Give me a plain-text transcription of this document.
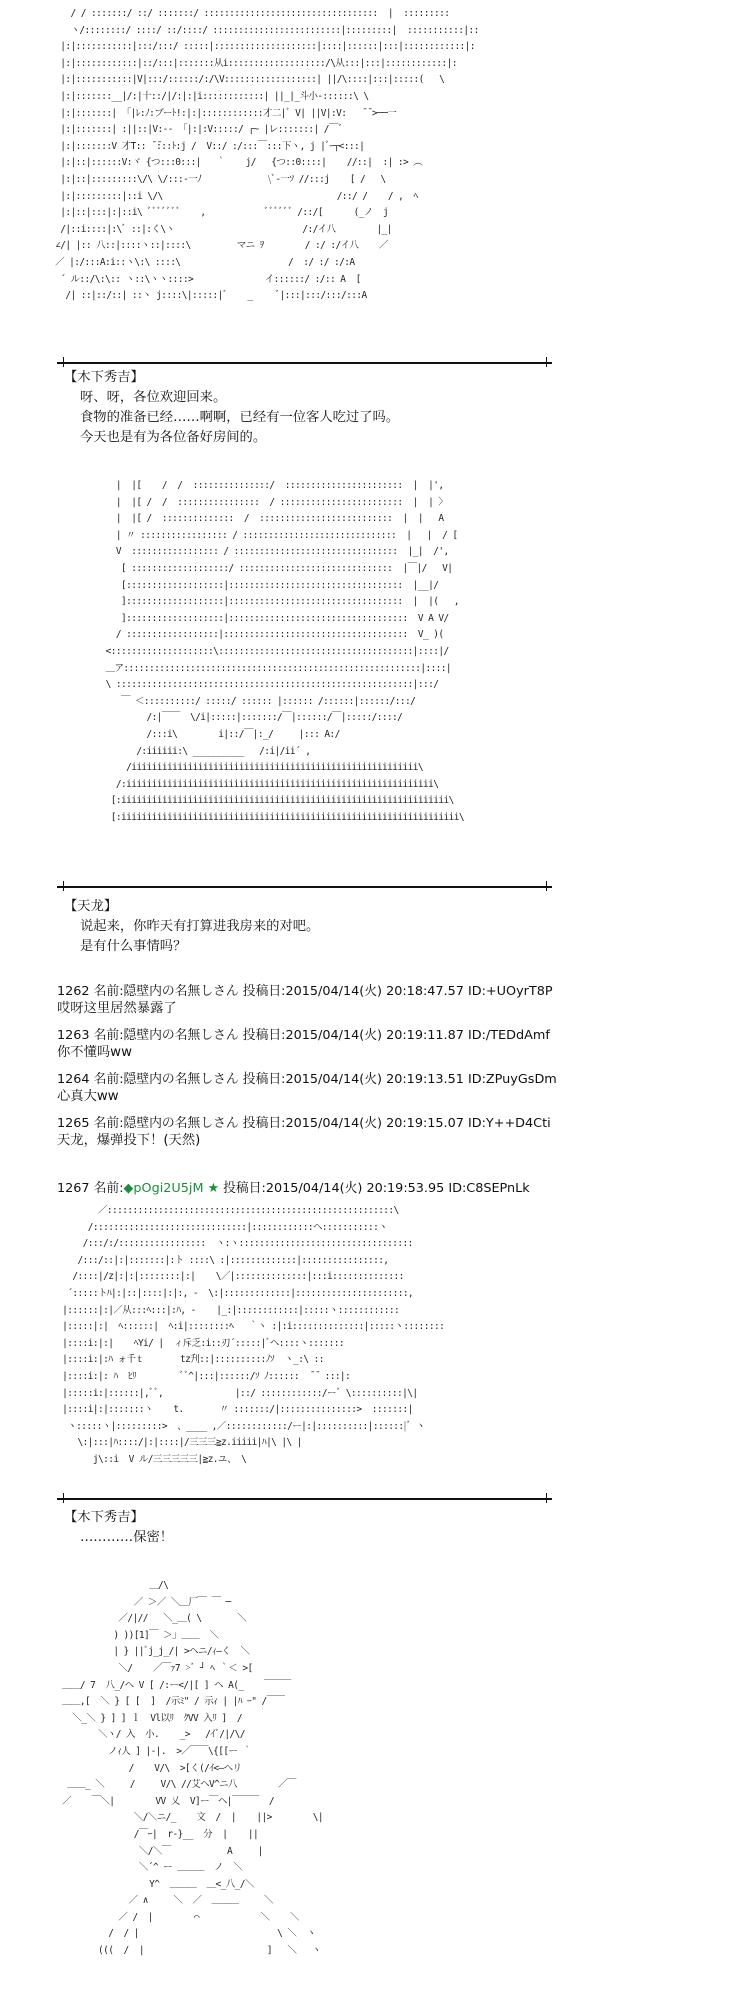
/ / :::::::/ ::/ :::::::/ ::::::::::::::::::::::::::::::::::  |  :::::::::
ヽ/::::::::/ ::::/ ::/::::/ :::::::::::::::::::::::::|:::::::::|  :::::::::::|::
|:|:::::::::::|:::/:::/ :::::|::::::::::::::::::::|::::|::::::|:::|::::::::::::|:
|:|::::::::::::|::/:::|:::::::从i:::::::::::::::::::/\从:::|:::|::::::::::::|:
|:|:::::::::::|V|:::/::::::/:/\V::::::::::::::::::| ||/\::::|:::|:::::(   \
|:|:::::::__|/:|十::/|/:|:|i::::::::::::| ||_|_斗小-::::::\ \
|:|:::::::| 「|ﾚ:ﾉ:ブーﾄ!:|:|::::::::::::才二|ﾞ V| ||V|:V:   ̄ ̄ >──一
|:|:::::::| :||::|V:-- 「|:|:V:::::/ ┌~ |レ:::::::| /￣ﾞ
|:|:::::::V 才T:: ̄ ̄:::ﾄ:j /  V::/ :/:::￣:::下ヽ, j |ﾞｰ┬<:::|
|:|::|::::::V:ヾ {つ:::0:::|   ｀    j/   {つ::0::::|    //::|  :| :> ︵
|:|::|:::::::::\/\ \/:::-一ﾉ             \ﾞ-一ｿ //:::j    [ /   \
|:|:::::::::|::i \/\                                  /::/ /    / ,  ﾍ
|:|::|:::|:|::i\ ﾞﾞﾞﾞﾞﾞﾞ    ,            ﾞﾞﾞﾞﾞﾞ /::/[      (_ノ  j
/|::i::::|:\ﾞ ::|:く\ヽ                         /:/イ八        |_|
∠/| |:: 八::|::::ヽ::|::::\         マニ ｦ        / :/ :/イ八    ／
／ |:/:::A:i::ヽ\:\ ::::\                     /  :/ :/ :/:A
´ ル::/\:\:: ヽ::\ヽヽ::::>              イ::::::/ :/:: A  [
/| ::|::/::| ::ヽ j::::\|:::::|ﾞ    _     ﾞ|:::|:::/:::/:::A

【木下秀吉】
呀、呀，各位欢迎回来。
食物的准备已经……啊啊，已经有一位客人吃过了吗。
今天也是有为各位备好房间的。
|  |[    /  /  :::::::::::::::/  :::::::::::::::::::::::  |  |',
|  |[ /  /  ::::::::::::::::  / ::::::::::::::::::::::::  |  | 〉
|  |[ /  ::::::::::::::  /  ::::::::::::::::::::::::::  |  |   A
| 〃 ::::::::::::::::: / ::::::::::::::::::::::::::::::  |   |  / [
V  ::::::::::::::::: / ::::::::::::::::::::::::::::::::  |_|  /',
[ :::::::::::::::::::/ ::::::::::::::::::::::::::::::  |￣|/   V|
[:::::::::::::::::::|::::::::::::::::::::::::::::::::::  |__|/
]:::::::::::::::::::|::::::::::::::::::::::::::::::::::  |  |(   ,
]:::::::::::::::::::|:::::::::::::::::::::::::::::::::::  V A V/
/ ::::::::::::::::::|::::::::::::::::::::::::::::::::::::  V_ )(
<::::::::::::::::::::\::::::::::::::::::::::::::::::::::::::|::::|/
＿ア::::::::::::::::::::::::::::::::::::::::::::::::::::::::::|::::|
\ ::::::::::::::::::::::::::::::::::::::::::::::::::::::::::|:::/
￣ ＜::::::::::/ :::::/ :::::: |:::::: /::::::|::::::/:::/
/:|￣￣  \/i|:::::|:::::::/￣|::::::/￣|:::::/::::/
/:::i\        i|::/￣|:_/     |::: A:/
/:iiiiii:\ __________   /:i|/ii´ ,
/iiiiiiiiiiiiiiiiiiiiiiiiiiiiiiiiiiiiiiiiiiiiiiiiiiiiiiii\
/:iiiiiiiiiiiiiiiiiiiiiiiiiiiiiiiiiiiiiiiiiiiiiiiiiiiiiiiiiiii\
[:iiiiiiiiiiiiiiiiiiiiiiiiiiiiiiiiiiiiiiiiiiiiiiiiiiiiiiiiiiiiiiii\
[:iiiiiiiiiiiiiiiiiiiiiiiiiiiiiiiiiiiiiiiiiiiiiiiiiiiiiiiiiiiiiiiiii\

【天龙】
说起来，你昨天有打算进我房来的对吧。
是有什么事情吗？
1262 名前:隠壁内の名無しさん 投稿日:2015/04/14(火) 20:18:47.57 ID:+UOyrT8P
哎呀这里居然暴露了
1263 名前:隠壁内の名無しさん 投稿日:2015/04/14(火) 20:19:11.87 ID:/TEDdAmf
你不懂吗ww
1264 名前:隠壁内の名無しさん 投稿日:2015/04/14(火) 20:19:13.51 ID:ZPuyGsDm
心真大ww
1265 名前:隠壁内の名無しさん 投稿日:2015/04/14(火) 20:19:15.07 ID:Y++D4Cti
天龙，爆弹投下！(天然)
1267 名前:◆pOgi2U5jM ★ 投稿日:2015/04/14(火) 20:19:53.95 ID:C8SEPnLk
／::::::::::::::::::::::::::::::::::::::::::::::::::::::::\
/::::::::::::::::::::::::::::::|::::::::::::ヘ:::::::::::ヽ
/:::/:/:::::::::::::::::  ヽ:ヽ::::::::::::::::::::::::::::::::::
/:::/::|:|:::::::|:ト ::::\ :|:::::::::::::|::::::::::::::::,
/::::|/z|:|:|::::::::|:|    \／|::::::::::::::|:::i::::::::::::::
´:::::トﾊ|:|::|::::|:|:, ‐  \:|:::::::::::::|::::::::::::::::::::::,
|::::::|:|／从:::ﾍ:::|:ﾊ, ‐    |_:|::::::::::::|:::::ヽ::::::::::::
|:::::|:|  ﾍ::::::|  ﾍ:i|::::::::ﾍ   ｀ヽ :|:i::::::::::::::|:::::ヽ::::::::
|::::i:|:|    ﾍYi/ |  ィ斥乏:i::刃´:::::|ﾞヘ::::ヽ:::::::
|::::i:|:ﾊ ォ千ｔ       tz刋::|::::::::::ﾉｿ  ヽ_:\ ::
|::::i:|: ﾊ  ﾋﾘ         ﾞﾞ^|:::|::::::/ｿ ﾉ::::::  ̄ ̄  :::|:
|:::::i:|::::::|,ﾞﾞ,              |::/ ::::::::::::/ーﾞ \::::::::::|\|
|::::i|:|:::::::ヽ    t.       〃 :::::::/|:::::::::::::::>  :::::::|
ヽ:::::ヽ|:::::::::>  、____ ,／::::::::::::/ー|:|::::::::::|::::::|ﾞ ヽ
\:|:::|ﾊ::::/|:|::::|/三三三≧z.iiiii|ﾊ|\ |\ |
j\::i  V ル/三三三三三|≧z.ユ、 \

【木下秀吉】
…………保密！
＿/\
／ ＞／ ＼＿厂￣ ￣ ─
／/|//   ＼_＿( \       ＼
) ))[1]￣ ＞｣ ＿＿  ＼
| } ||ﾞj_j_/| >ヘニ/ｨ―く  ＼
＼/    ／￣ｧ7 >ﾞ ┘ ﾍ ｀＜ >[
＿＿/ 7  八_/ヘ V [ /:ー</|[ ] ヘ A(_    ￣￣￣
＿＿,[  ＼ } [ [  ]  /示ﾐ" / 示ｨ | |ﾊ ｰ" /￣￣
＼_＼ } ] ] ｌ  Vl以ﾘ  ｸVV 入ﾘ ]  /
＼ヽ/ 入  小.    _>   /ｲﾞ/|/\/
ノｨ人 ] |-|.  >／￣￣\{[[ー ｀
/    V/\  >[く(/ｲ<―ヘリ
＿＿_ ＼     /     V/\ //艾ヘV^ニ八        ／￣
／    ￣＼|        VV 乂  V]ー￣ヘ|￣￣￣  /
＼/＼ニ/_    文  /  |    ||>        \|
/￣ｰ|  r-}__  分  |    ||
＼/＼￣           A     |
＼´^ ー ＿＿＿  ノ  ＼
Y^  ＿＿＿  ＿<_八_/＼
／ ∧     ＼  ／  ＿＿＿     ＼
／ /  |        ⌒            ＼    ＼
/  / |                           \ ＼  ヽ
(((  /  |                        ]   ＼   ヽ
